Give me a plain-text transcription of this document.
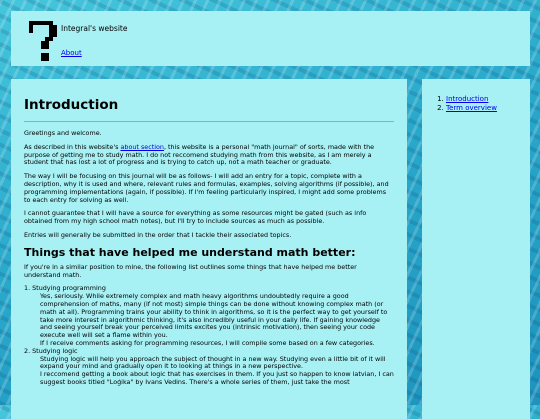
Integral's website
About
Introduction

Greetings and welcome.

As described in this website's about section, this website is a personal "math journal" of sorts, made with the purpose of getting me to study math. I do not reccomend studying math from this website, as I am merely a student that has lost a lot of progress and is trying to catch up, not a math teacher or graduate.

The way I will be focusing on this journal will be as follows- I will add an entry for a topic, complete with a description, why it is used and where, relevant rules and formulas, examples, solving algorithms (if possible), and programming implementations (again, if possible). If I'm feeling particularly inspired, I might add some problems to each entry for solving as well.

I cannot guarantee that I will have a source for everything as some resources might be gated (such as info obtained from my high school math notes), but I'll try to include sources as much as possible.

Entries will generally be submitted in the order that I tackle their associated topics.

Things that have helped me understand math better:

If you're in a similar position to mine, the following list outlines some things that have helped me better understand math.

1. Studying programming
Yes, seriously. While extremely complex and math heavy algorithms undoubtedly require a good comprehension of maths, many (if not most) simple things can be done without knowing complex math (or math at all). Programming trains your ability to think in algorithms, so it is the perfect way to get yourself to take more interest in algorithmic thinking, it's also incredibly useful in your daily life. If gaining knowledge and seeing yourself break your perceived limits excites you (intrinsic motivation), then seeing your code execute well will set a flame within you.
If I receive comments asking for programming resources, I will compile some based on a few categories.
2. Studying logic
Studying logic will help you approach the subject of thought in a new way. Studying even a little bit of it will expand your mind and gradually open it to looking at things in a new perspective.
I reccomend getting a book about logic that has exercises in them. If you just so happen to know latvian, I can suggest books titled "Loģika" by Ivans Vedins. There's a whole series of them, just take the most
1. Introduction
2. Term overview
